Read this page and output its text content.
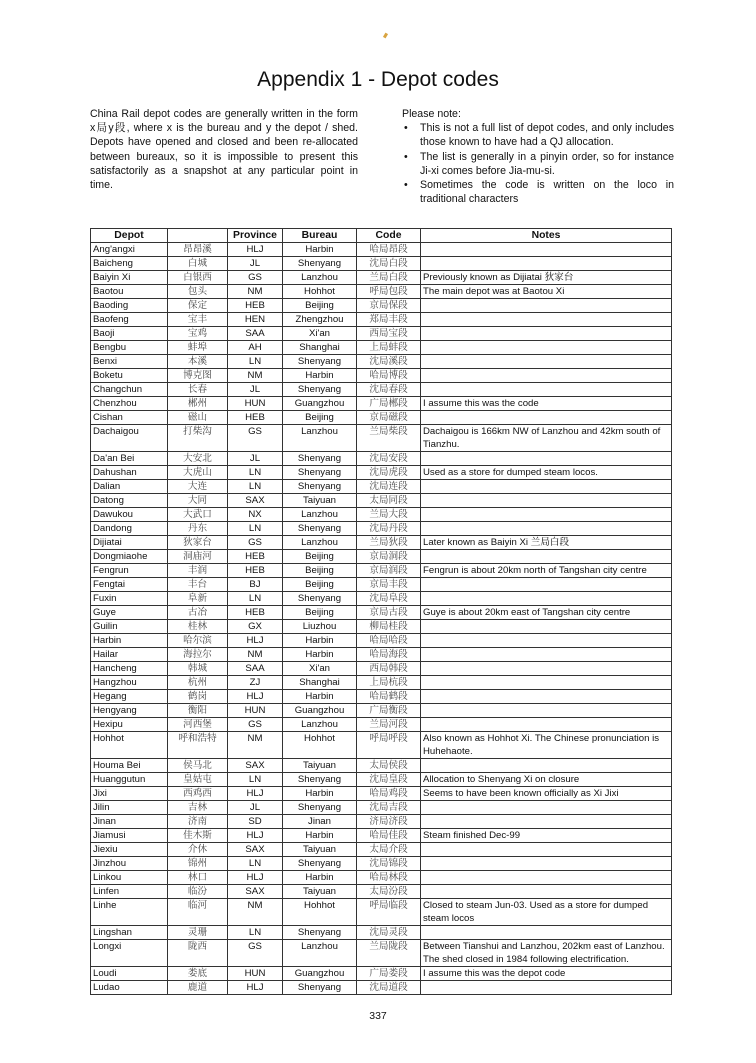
Appendix 1 - Depot codes
China Rail depot codes are generally written in the form x局y段, where x is the bureau and y the depot / shed. Depots have opened and closed and been re-allocated between bureaux, so it is impossible to present this satisfactorily as a snapshot at any particular point in time.
Please note:
• This is not a full list of depot codes, and only includes those known to have had a QJ allocation.
• The list is generally in a pinyin order, so for instance Ji-xi comes before Jia-mu-si.
• Sometimes the code is written on the loco in traditional characters
Depot		Province	Bureau	Code	Notes
Ang'angxi	昂昂溪	HLJ	Harbin	哈局昂段	
Baicheng	白城	JL	Shenyang	沈局白段	
Baiyin Xi	白银西	GS	Lanzhou	兰局白段	Previously known as Dijiatai 狄家台
Baotou	包头	NM	Hohhot	呼局包段	The main depot was at Baotou Xi
Baoding	保定	HEB	Beijing	京局保段	
Baofeng	宝丰	HEN	Zhengzhou	郑局丰段	
Baoji	宝鸡	SAA	Xi'an	西局宝段	
Bengbu	蚌埠	AH	Shanghai	上局蚌段	
Benxi	本溪	LN	Shenyang	沈局溪段	
Boketu	博克图	NM	Harbin	哈局博段	
Changchun	长春	JL	Shenyang	沈局春段	
Chenzhou	郴州	HUN	Guangzhou	广局郴段	I assume this was the code
Cishan	磁山	HEB	Beijing	京局磁段	
Dachaigou	打柴沟	GS	Lanzhou	兰局柴段	Dachaigou is 166km NW of Lanzhou and 42km south of Tianzhu.
Da'an Bei	大安北	JL	Shenyang	沈局安段	
Dahushan	大虎山	LN	Shenyang	沈局虎段	Used as a store for dumped steam locos.
Dalian	大连	LN	Shenyang	沈局连段	
Datong	大同	SAX	Taiyuan	太局同段	
Dawukou	大武口	NX	Lanzhou	兰局大段	
Dandong	丹东	LN	Shenyang	沈局丹段	
Dijiatai	狄家台	GS	Lanzhou	兰局狄段	Later known as Baiyin Xi 兰局白段
Dongmiaohe	洞庙河	HEB	Beijing	京局洞段	
Fengrun	丰润	HEB	Beijing	京局润段	Fengrun is about 20km north of Tangshan city centre
Fengtai	丰台	BJ	Beijing	京局丰段	
Fuxin	阜新	LN	Shenyang	沈局阜段	
Guye	古冶	HEB	Beijing	京局古段	Guye is about 20km east of Tangshan city centre
Guilin	桂林	GX	Liuzhou	柳局桂段	
Harbin	哈尔滨	HLJ	Harbin	哈局哈段	
Hailar	海拉尔	NM	Harbin	哈局海段	
Hancheng	韩城	SAA	Xi'an	西局韩段	
Hangzhou	杭州	ZJ	Shanghai	上局杭段	
Hegang	鹤岗	HLJ	Harbin	哈局鹤段	
Hengyang	衡阳	HUN	Guangzhou	广局衡段	
Hexipu	河西堡	GS	Lanzhou	兰局河段	
Hohhot	呼和浩特	NM	Hohhot	呼局呼段	Also known as Hohhot Xi. The Chinese pronunciation is Huhehaote.
Houma Bei	侯马北	SAX	Taiyuan	太局侯段	
Huanggutun	皇姑屯	LN	Shenyang	沈局皇段	Allocation to Shenyang Xi on closure
Jixi	西鸡西	HLJ	Harbin	哈局鸡段	Seems to have been known officially as Xi Jixi
Jilin	吉林	JL	Shenyang	沈局吉段	
Jinan	济南	SD	Jinan	济局济段	
Jiamusi	佳木斯	HLJ	Harbin	哈局佳段	Steam finished Dec-99
Jiexiu	介休	SAX	Taiyuan	太局介段	
Jinzhou	锦州	LN	Shenyang	沈局锦段	
Linkou	林口	HLJ	Harbin	哈局林段	
Linfen	临汾	SAX	Taiyuan	太局汾段	
Linhe	临河	NM	Hohhot	呼局临段	Closed to steam Jun-03. Used as a store for dumped steam locos
Lingshan	灵珊	LN	Shenyang	沈局灵段	
Longxi	陇西	GS	Lanzhou	兰局陇段	Between Tianshui and Lanzhou, 202km east of Lanzhou. The shed closed in 1984 following electrification.
Loudi	娄底	HUN	Guangzhou	广局娄段	I assume this was the depot code
Ludao	鹿道	HLJ	Shenyang	沈局道段	
337
